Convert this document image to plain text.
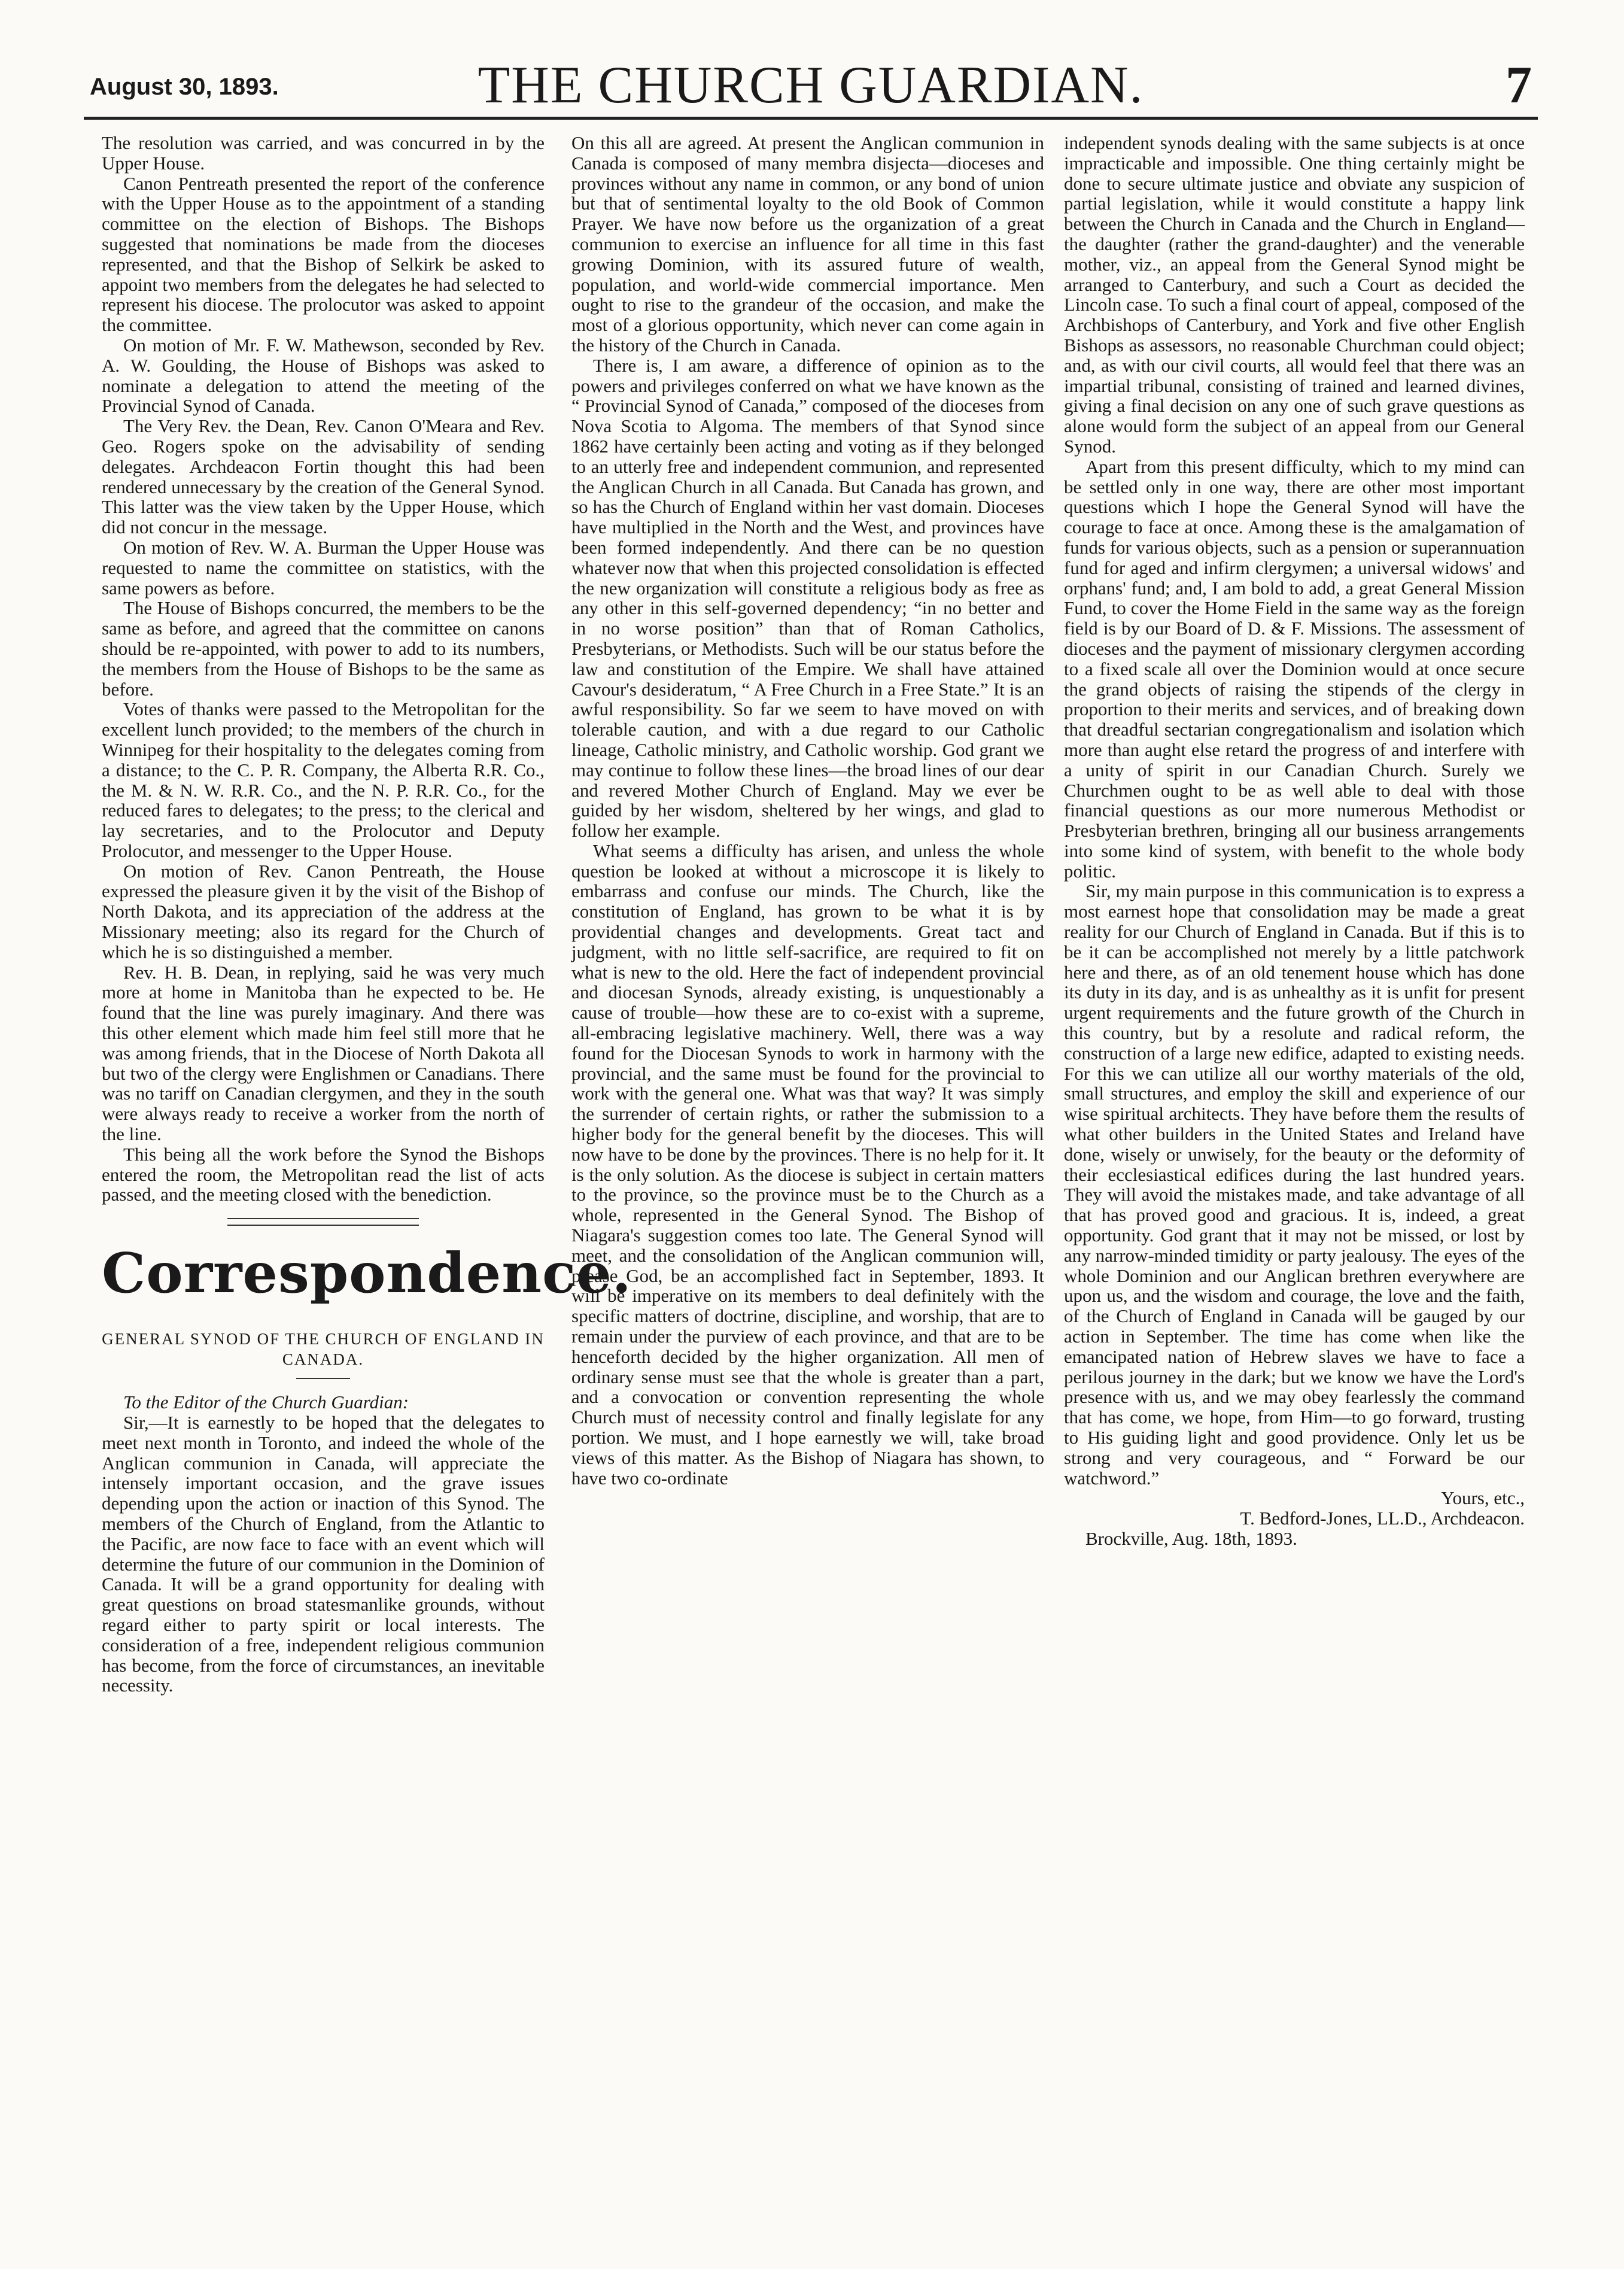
August 30, 1893.	THE CHURCH GUARDIAN.	7

The resolution was carried, and was concurred in by the Upper House.

Canon Pentreath presented the report of the conference with the Upper House as to the appointment of a standing committee on the election of Bishops. The Bishops suggested that nominations be made from the dioceses represented, and that the Bishop of Selkirk be asked to appoint two members from the delegates he had selected to represent his diocese. The prolocutor was asked to appoint the committee.

On motion of Mr. F. W. Mathewson, seconded by Rev. A. W. Goulding, the House of Bishops was asked to nominate a delegation to attend the meeting of the Provincial Synod of Canada.

The Very Rev. the Dean, Rev. Canon O'Meara and Rev. Geo. Rogers spoke on the advisability of sending delegates. Archdeacon Fortin thought this had been rendered unnecessary by the creation of the General Synod. This latter was the view taken by the Upper House, which did not concur in the message.

On motion of Rev. W. A. Burman the Upper House was requested to name the committee on statistics, with the same powers as before.

The House of Bishops concurred, the members to be the same as before, and agreed that the committee on canons should be re-appointed, with power to add to its numbers, the members from the House of Bishops to be the same as before.

Votes of thanks were passed to the Metropolitan for the excellent lunch provided; to the members of the church in Winnipeg for their hospitality to the delegates coming from a distance; to the C. P. R. Company, the Alberta R.R. Co., the M. & N. W. R.R. Co., and the N. P. R.R. Co., for the reduced fares to delegates; to the press; to the clerical and lay secretaries, and to the Prolocutor and Deputy Prolocutor, and messenger to the Upper House.

On motion of Rev. Canon Pentreath, the House expressed the pleasure given it by the visit of the Bishop of North Dakota, and its appreciation of the address at the Missionary meeting; also its regard for the Church of which he is so distinguished a member.

Rev. H. B. Dean, in replying, said he was very much more at home in Manitoba than he expected to be. He found that the line was purely imaginary. And there was this other element which made him feel still more that he was among friends, that in the Diocese of North Dakota all but two of the clergy were Englishmen or Canadians. There was no tariff on Canadian clergymen, and they in the south were always ready to receive a worker from the north of the line.

This being all the work before the Synod the Bishops entered the room, the Metropolitan read the list of acts passed, and the meeting closed with the benediction.

Correspondence.
GENERAL SYNOD OF THE CHURCH OF ENGLAND IN CANADA.

To the Editor of the Church Guardian:

Sir,—It is earnestly to be hoped that the delegates to meet next month in Toronto, and indeed the whole of the Anglican communion in Canada, will appreciate the intensely important occasion, and the grave issues depending upon the action or inaction of this Synod. The members of the Church of England, from the Atlantic to the Pacific, are now face to face with an event which will determine the future of our communion in the Dominion of Canada. It will be a grand opportunity for dealing with great questions on broad statesmanlike grounds, without regard either to party spirit or local interests. The consideration of a free, independent religious communion has become, from the force of circumstances, an inevitable necessity.

On this all are agreed. At present the Anglican communion in Canada is composed of many membra disjecta—dioceses and provinces without any name in common, or any bond of union but that of sentimental loyalty to the old Book of Common Prayer. We have now before us the organization of a great communion to exercise an influence for all time in this fast growing Dominion, with its assured future of wealth, population, and world-wide commercial importance. Men ought to rise to the grandeur of the occasion, and make the most of a glorious opportunity, which never can come again in the history of the Church in Canada.

There is, I am aware, a difference of opinion as to the powers and privileges conferred on what we have known as the “ Provincial Synod of Canada,” composed of the dioceses from Nova Scotia to Algoma. The members of that Synod since 1862 have certainly been acting and voting as if they belonged to an utterly free and independent communion, and represented the Anglican Church in all Canada. But Canada has grown, and so has the Church of England within her vast domain. Dioceses have multiplied in the North and the West, and provinces have been formed independently. And there can be no question whatever now that when this projected consolidation is effected the new organization will constitute a religious body as free as any other in this self-governed dependency; “in no better and in no worse position” than that of Roman Catholics, Presbyterians, or Methodists. Such will be our status before the law and constitution of the Empire. We shall have attained Cavour's desideratum, “ A Free Church in a Free State.” It is an awful responsibility. So far we seem to have moved on with tolerable caution, and with a due regard to our Catholic lineage, Catholic ministry, and Catholic worship. God grant we may continue to follow these lines—the broad lines of our dear and revered Mother Church of England. May we ever be guided by her wisdom, sheltered by her wings, and glad to follow her example.

What seems a difficulty has arisen, and unless the whole question be looked at without a microscope it is likely to embarrass and confuse our minds. The Church, like the constitution of England, has grown to be what it is by providential changes and developments. Great tact and judgment, with no little self-sacrifice, are required to fit on what is new to the old. Here the fact of independent provincial and diocesan Synods, already existing, is unquestionably a cause of trouble—how these are to co-exist with a supreme, all-embracing legislative machinery. Well, there was a way found for the Diocesan Synods to work in harmony with the provincial, and the same must be found for the provincial to work with the general one. What was that way? It was simply the surrender of certain rights, or rather the submission to a higher body for the general benefit by the dioceses. This will now have to be done by the provinces. There is no help for it. It is the only solution. As the diocese is subject in certain matters to the province, so the province must be to the Church as a whole, represented in the General Synod. The Bishop of Niagara's suggestion comes too late. The General Synod will meet, and the consolidation of the Anglican communion will, please God, be an accomplished fact in September, 1893. It will be imperative on its members to deal definitely with the specific matters of doctrine, discipline, and worship, that are to remain under the purview of each province, and that are to be henceforth decided by the higher organization. All men of ordinary sense must see that the whole is greater than a part, and a convocation or convention representing the whole Church must of necessity control and finally legislate for any portion. We must, and I hope earnestly we will, take broad views of this matter. As the Bishop of Niagara has shown, to have two co-ordinate

independent synods dealing with the same subjects is at once impracticable and impossible. One thing certainly might be done to secure ultimate justice and obviate any suspicion of partial legislation, while it would constitute a happy link between the Church in Canada and the Church in England—the daughter (rather the grand-daughter) and the venerable mother, viz., an appeal from the General Synod might be arranged to Canterbury, and such a Court as decided the Lincoln case. To such a final court of appeal, composed of the Archbishops of Canterbury, and York and five other English Bishops as assessors, no reasonable Churchman could object; and, as with our civil courts, all would feel that there was an impartial tribunal, consisting of trained and learned divines, giving a final decision on any one of such grave questions as alone would form the subject of an appeal from our General Synod.

Apart from this present difficulty, which to my mind can be settled only in one way, there are other most important questions which I hope the General Synod will have the courage to face at once. Among these is the amalgamation of funds for various objects, such as a pension or superannuation fund for aged and infirm clergymen; a universal widows' and orphans' fund; and, I am bold to add, a great General Mission Fund, to cover the Home Field in the same way as the foreign field is by our Board of D. & F. Missions. The assessment of dioceses and the payment of missionary clergymen according to a fixed scale all over the Dominion would at once secure the grand objects of raising the stipends of the clergy in proportion to their merits and services, and of breaking down that dreadful sectarian congregationalism and isolation which more than aught else retard the progress of and interfere with a unity of spirit in our Canadian Church. Surely we Churchmen ought to be as well able to deal with those financial questions as our more numerous Methodist or Presbyterian brethren, bringing all our business arrangements into some kind of system, with benefit to the whole body politic.

Sir, my main purpose in this communication is to express a most earnest hope that consolidation may be made a great reality for our Church of England in Canada. But if this is to be it can be accomplished not merely by a little patchwork here and there, as of an old tenement house which has done its duty in its day, and is as unhealthy as it is unfit for present urgent requirements and the future growth of the Church in this country, but by a resolute and radical reform, the construction of a large new edifice, adapted to existing needs. For this we can utilize all our worthy materials of the old, small structures, and employ the skill and experience of our wise spiritual architects. They have before them the results of what other builders in the United States and Ireland have done, wisely or unwisely, for the beauty or the deformity of their ecclesiastical edifices during the last hundred years. They will avoid the mistakes made, and take advantage of all that has proved good and gracious. It is, indeed, a great opportunity. God grant that it may not be missed, or lost by any narrow-minded timidity or party jealousy. The eyes of the whole Dominion and our Anglican brethren everywhere are upon us, and the wisdom and courage, the love and the faith, of the Church of England in Canada will be gauged by our action in September. The time has come when like the emancipated nation of Hebrew slaves we have to face a perilous journey in the dark; but we know we have the Lord's presence with us, and we may obey fearlessly the command that has come, we hope, from Him—to go forward, trusting to His guiding light and good providence. Only let us be strong and very courageous, and “ Forward be our watchword.”

Yours, etc.,

T. Bedford-Jones, LL.D., Archdeacon.

Brockville, Aug. 18th, 1893.
